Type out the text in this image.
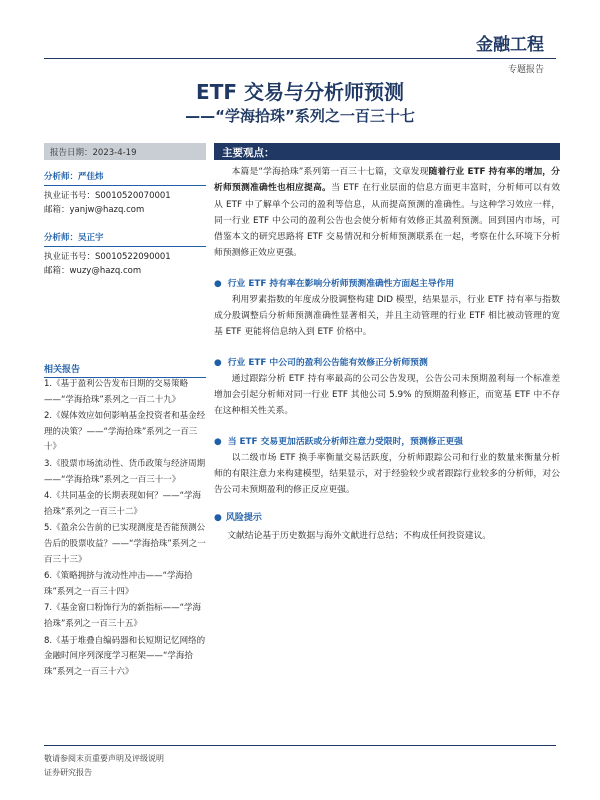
金融工程
专题报告
ETF 交易与分析师预测
——“学海拾珠”系列之一百三十七
报告日期：2023-4-19
分析师：严佳炜
执业证书号：S0010520070001
邮箱：yanjw@hazq.com
分析师：吴正宇
执业证书号：S0010522090001
邮箱：wuzy@hazq.com
相关报告
1.《基于盈利公告发布日期的交易策略——“学海拾珠”系列之一百二十九》
2.《媒体效应如何影响基金投资者和基金经理的决策？——“学海拾珠”系列之一百三十》
3.《股票市场流动性、货币政策与经济周期——“学海拾珠”系列之一百三十一》
4.《共同基金的长期表现如何？——“学海拾珠”系列之一百三十二》
5.《盈余公告前的已实现测度是否能预测公告后的股票收益？——“学海拾珠”系列之一百三十三》
6.《策略拥挤与流动性冲击——“学海拾珠”系列之一百三十四》
7.《基金窗口粉饰行为的新指标——“学海拾珠”系列之一百三十五》
8.《基于堆叠自编码器和长短期记忆网络的金融时间序列深度学习框架——“学海拾珠”系列之一百三十六》
主要观点：

本篇是“学海拾珠”系列第一百三十七篇，文章发现随着行业 ETF 持有率的增加，分析师预测准确性也相应提高。当 ETF 在行业层面的信息方面更丰富时，分析师可以有效从 ETF 中了解单个公司的盈利等信息，从而提高预测的准确性。与这种学习效应一样，同一行业 ETF 中公司的盈利公告也会使分析师有效修正其盈利预测。回到国内市场，可借鉴本文的研究思路将 ETF 交易情况和分析师预测联系在一起，考察在什么环境下分析师预测修正效应更强。

● 行业 ETF 持有率在影响分析师预测准确性方面起主导作用

利用罗素指数的年度成分股调整构建 DID 模型，结果显示，行业 ETF 持有率与指数成分股调整后分析师预测准确性显著相关，并且主动管理的行业 ETF 相比被动管理的宽基 ETF 更能将信息纳入到 ETF 价格中。

● 行业 ETF 中公司的盈利公告能有效修正分析师预测

通过跟踪分析 ETF 持有率最高的公司公告发现，公告公司未预期盈利每一个标准差增加会引起分析师对同一行业 ETF 其他公司 5.9% 的预期盈利修正，而宽基 ETF 中不存在这种相关性关系。

● 当 ETF 交易更加活跃或分析师注意力受限时，预测修正更强

以二级市场 ETF 换手率衡量交易活跃度，分析师跟踪公司和行业的数量来衡量分析师的有限注意力来构建模型，结果显示，对于经验较少或者跟踪行业较多的分析师，对公告公司未预期盈利的修正反应更强。

● 风险提示

文献结论基于历史数据与海外文献进行总结；不构成任何投资建议。

敬请参阅末页重要声明及评级说明
证券研究报告
